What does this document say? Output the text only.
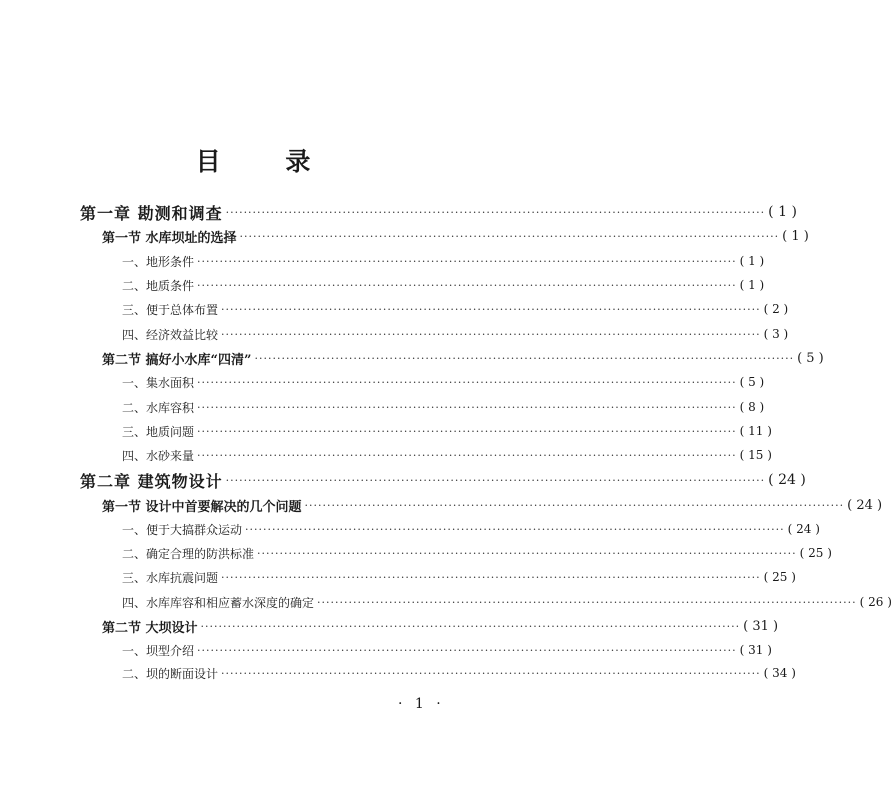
目 录
第一章 勘测和调查 ························································································································ ( 1 )
第一节 水库坝址的选择 ························································································································ ( 1 )
一、地形条件 ························································································································ ( 1 )
二、地质条件 ························································································································ ( 1 )
三、便于总体布置 ························································································································ ( 2 )
四、经济效益比较 ························································································································ ( 3 )
第二节 搞好小水库“四清” ························································································································ ( 5 )
一、集水面积 ························································································································ ( 5 )
二、水库容积 ························································································································ ( 8 )
三、地质问题 ························································································································ ( 11 )
四、水砂来量 ························································································································ ( 15 )
第二章 建筑物设计 ························································································································ ( 24 )
第一节 设计中首要解决的几个问题 ························································································································ ( 24 )
一、便于大搞群众运动 ························································································································ ( 24 )
二、确定合理的防洪标准 ························································································································ ( 25 )
三、水库抗震问题 ························································································································ ( 25 )
四、水库库容和相应蓄水深度的确定 ························································································································ ( 26 )
第二节 大坝设计 ························································································································ ( 31 )
一、坝型介绍 ························································································································ ( 31 )
二、坝的断面设计 ························································································································ ( 34 )
· 1 ·
